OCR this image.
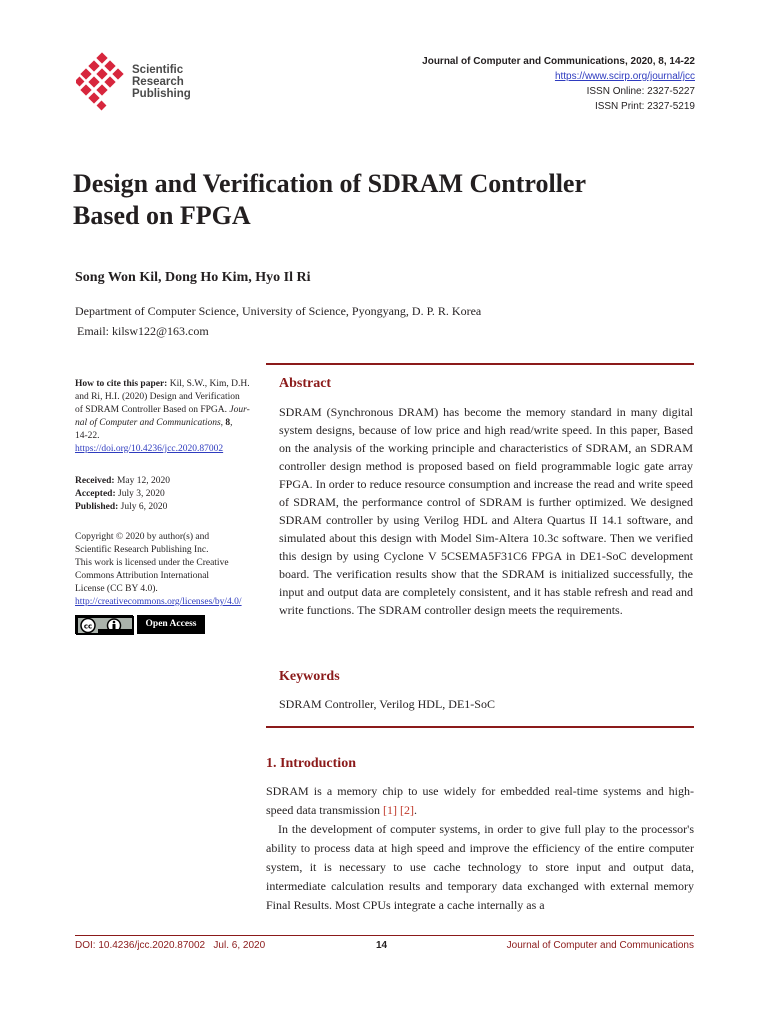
Scientific
Research
Publishing
Journal of Computer and Communications, 2020, 8, 14-22
https://www.scirp.org/journal/jcc
ISSN Online: 2327-5227
ISSN Print: 2327-5219
Design and Verification of SDRAM Controller
Based on FPGA
Song Won Kil, Dong Ho Kim, Hyo Il Ri
Department of Computer Science, University of Science, Pyongyang, D. P. R. Korea
Email: kilsw122@163.com
How to cite this paper: Kil, S.W., Kim, D.H.
and Ri, H.I. (2020) Design and Verification
of SDRAM Controller Based on FPGA. Jour-
nal of Computer and Communications, 8,
14-22.
https://doi.org/10.4236/jcc.2020.87002
Received: May 12, 2020
Accepted: July 3, 2020
Published: July 6, 2020
Copyright © 2020 by author(s) and
Scientific Research Publishing Inc.
This work is licensed under the Creative
Commons Attribution International
License (CC BY 4.0).
http://creativecommons.org/licenses/by/4.0/
cc	Open Access
Abstract
SDRAM (Synchronous DRAM) has become the memory standard in many digital system designs, because of low price and high read/write speed. In this paper, Based on the analysis of the working principle and characteristics of SDRAM, an SDRAM controller design method is proposed based on field programmable logic gate array FPGA. In order to reduce resource consumption and increase the read and write speed of SDRAM, the performance control of SDRAM is further optimized. We designed SDRAM controller by using Verilog HDL and Altera Quartus II 14.1 software, and simulated about this design with Model Sim-Altera 10.3c software. Then we verified this design by using Cyclone V 5CSEMA5F31C6 FPGA in DE1-SoC development board. The verification results show that the SDRAM is initialized successfully, the input and output data are completely consistent, and it has stable refresh and read and write functions. The SDRAM controller design meets the requirements.
Keywords
SDRAM Controller, Verilog HDL, DE1-SoC
1. Introduction
SDRAM is a memory chip to use widely for embedded real-time systems and high-speed data transmission [1] [2].
In the development of computer systems, in order to give full play to the processor's ability to process data at high speed and improve the efficiency of the entire computer system, it is necessary to use cache technology to store input and output data, intermediate calculation results and temporary data exchanged with external memory Final Results. Most CPUs integrate a cache internally as a
DOI: 10.4236/jcc.2020.87002   Jul. 6, 2020	14	Journal of Computer and Communications
